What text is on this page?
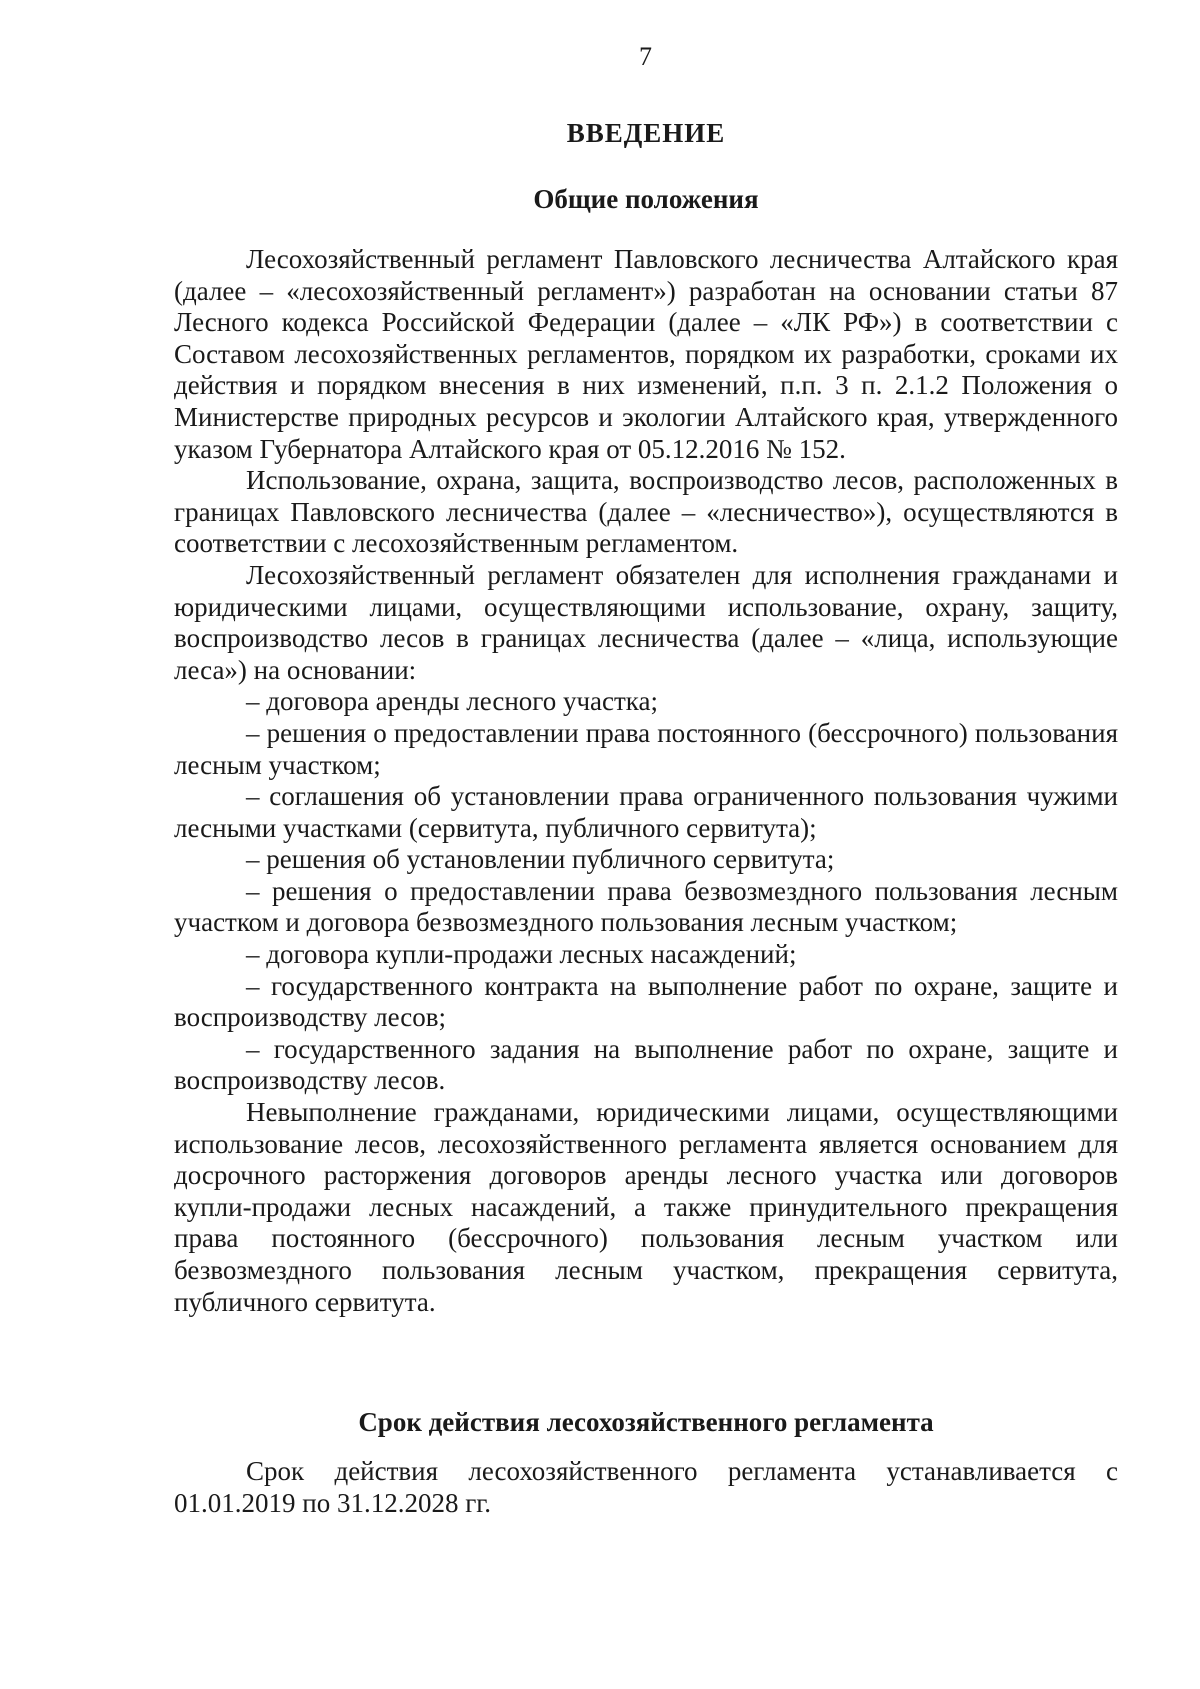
7
ВВЕДЕНИЕ
Общие положения

Лесохозяйственный регламент Павловского лесничества Алтайского края (далее – «лесохозяйственный регламент») разработан на основании статьи 87 Лесного кодекса Российской Федерации (далее – «ЛК РФ») в соответствии с Составом лесохозяйственных регламентов, порядком их разработки, сроками их действия и порядком внесения в них изменений, п.п. 3 п. 2.1.2 Положения о Министерстве природных ресурсов и экологии Алтайского края, утвержденного указом Губернатора Алтайского края от 05.12.2016 № 152.

Использование, охрана, защита, воспроизводство лесов, расположенных в границах Павловского лесничества (далее – «лесничество»), осуществляются в соответствии с лесохозяйственным регламентом.

Лесохозяйственный регламент обязателен для исполнения гражданами и юридическими лицами, осуществляющими использование, охрану, защиту, воспроизводство лесов в границах лесничества (далее – «лица, использующие леса») на основании:

– договора аренды лесного участка;

– решения о предоставлении права постоянного (бессрочного) пользования лесным участком;

– соглашения об установлении права ограниченного пользования чужими лесными участками (сервитута, публичного сервитута);

– решения об установлении публичного сервитута;

– решения о предоставлении права безвозмездного пользования лесным участком и договора безвозмездного пользования лесным участком;

– договора купли-продажи лесных насаждений;

– государственного контракта на выполнение работ по охране, защите и воспроизводству лесов;

– государственного задания на выполнение работ по охране, защите и воспроизводству лесов.

Невыполнение гражданами, юридическими лицами, осуществляющими использование лесов, лесохозяйственного регламента является основанием для досрочного расторжения договоров аренды лесного участка или договоров купли-продажи лесных насаждений, а также принудительного прекращения права постоянного (бессрочного) пользования лесным участком или безвозмездного пользования лесным участком, прекращения сервитута, публичного сервитута.

Срок действия лесохозяйственного регламента

Срок действия лесохозяйственного регламента устанавливается с 01.01.2019 по 31.12.2028 гг.
